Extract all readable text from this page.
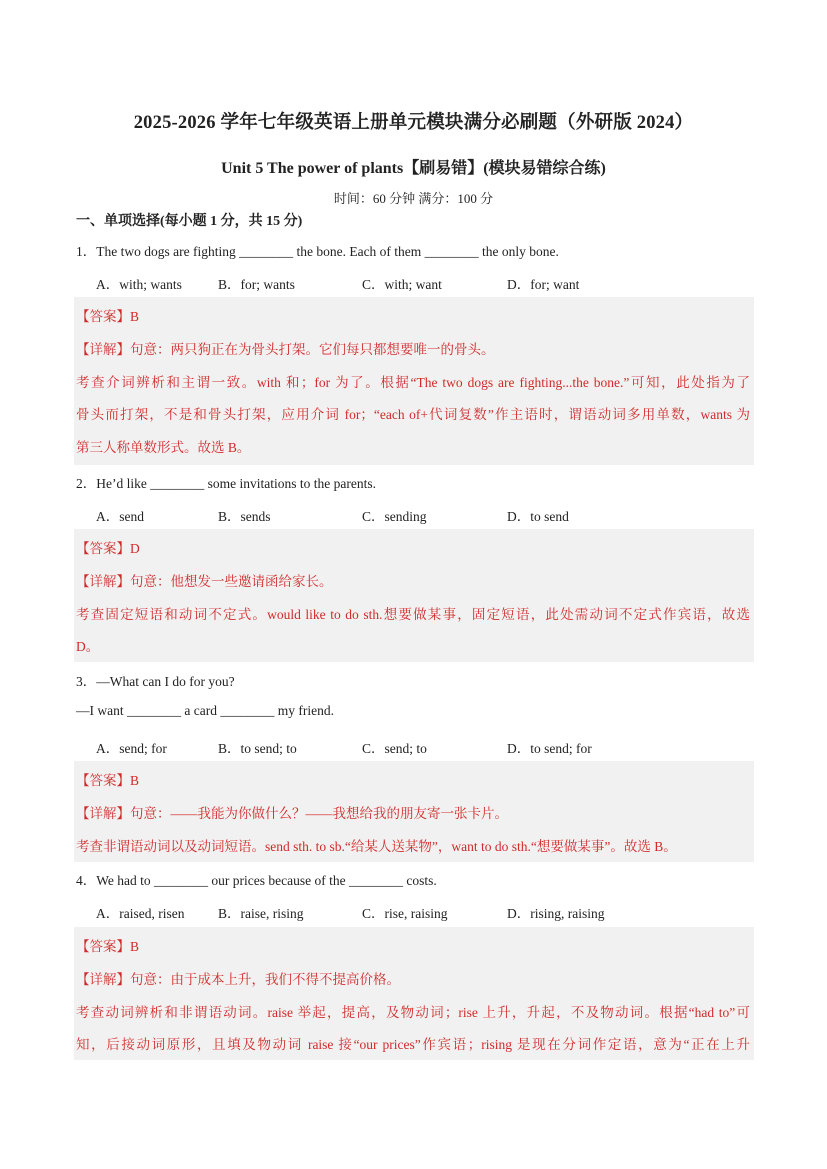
2025-2026 学年七年级英语上册单元模块满分必刷题（外研版 2024）
Unit 5 The power of plants【刷易错】(模块易错综合练)
时间：60 分钟 满分：100 分
一、单项选择(每小题 1 分，共 15 分)
1．The two dogs are fighting ________ the bone. Each of them ________ the only bone.
A．with; wants	B．for; wants	C．with; want	D．for; want
【答案】B
【详解】句意：两只狗正在为骨头打架。它们每只都想要唯一的骨头。
考查介词辨析和主谓一致。with 和；for 为了。根据“The two dogs are fighting...the bone.”可知，此处指为了
骨头而打架，不是和骨头打架，应用介词 for；“each of+代词复数”作主语时，谓语动词多用单数，wants 为
第三人称单数形式。故选 B。
2．He’d like ________ some invitations to the parents.
A．send	B．sends	C．sending	D．to send
【答案】D
【详解】句意：他想发一些邀请函给家长。
考查固定短语和动词不定式。would like to do sth.想要做某事，固定短语，此处需动词不定式作宾语，故选
D。
3．—What can I do for you?
—I want ________ a card ________ my friend.
A．send; for	B．to send; to	C．send; to	D．to send; for
【答案】B
【详解】句意：——我能为你做什么？——我想给我的朋友寄一张卡片。
考查非谓语动词以及动词短语。send sth. to sb.“给某人送某物”，want to do sth.“想要做某事”。故选 B。
4．We had to ________ our prices because of the ________ costs.
A．raised, risen B．raise, rising	C．rise, raising	D．rising, raising
【答案】B
【详解】句意：由于成本上升，我们不得不提高价格。
考查动词辨析和非谓语动词。raise 举起，提高，及物动词；rise 上升，升起，不及物动词。根据“had to”可
知，后接动词原形，且填及物动词 raise 接“our prices”作宾语；rising 是现在分词作定语，意为“正在上升
